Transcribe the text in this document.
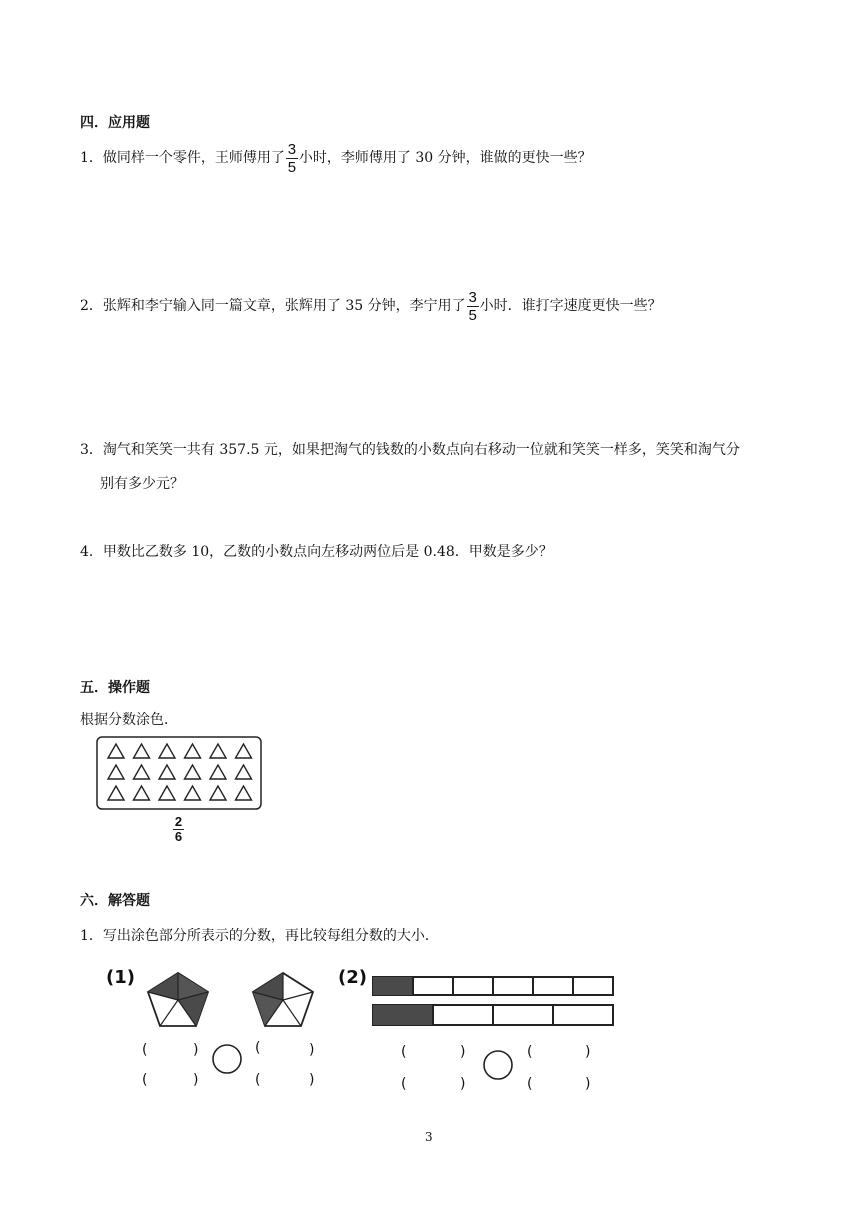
四．应用题
1．做同样一个零件，王师傅用了 $\frac{3}{5}$ 小时，李师傅用了 30 分钟，谁做的更快一些？
2．张辉和李宁输入同一篇文章，张辉用了 35 分钟，李宁用了 $\frac{3}{5}$ 小时．谁打字速度更快一些？
3．淘气和笑笑一共有 357.5 元，如果把淘气的钱数的小数点向右移动一位就和笑笑一样多，笑笑和淘气分
别有多少元？
4．甲数比乙数多 10，乙数的小数点向左移动两位后是 0.48．甲数是多少？
五．操作题
根据分数涂色．
$\frac{2}{6}$
六．解答题
1．写出涂色部分所表示的分数，再比较每组分数的大小．
(1)	(2)
(	)
(	)
(	)
(	)
(	)
(	)
(	)
(	)
3
